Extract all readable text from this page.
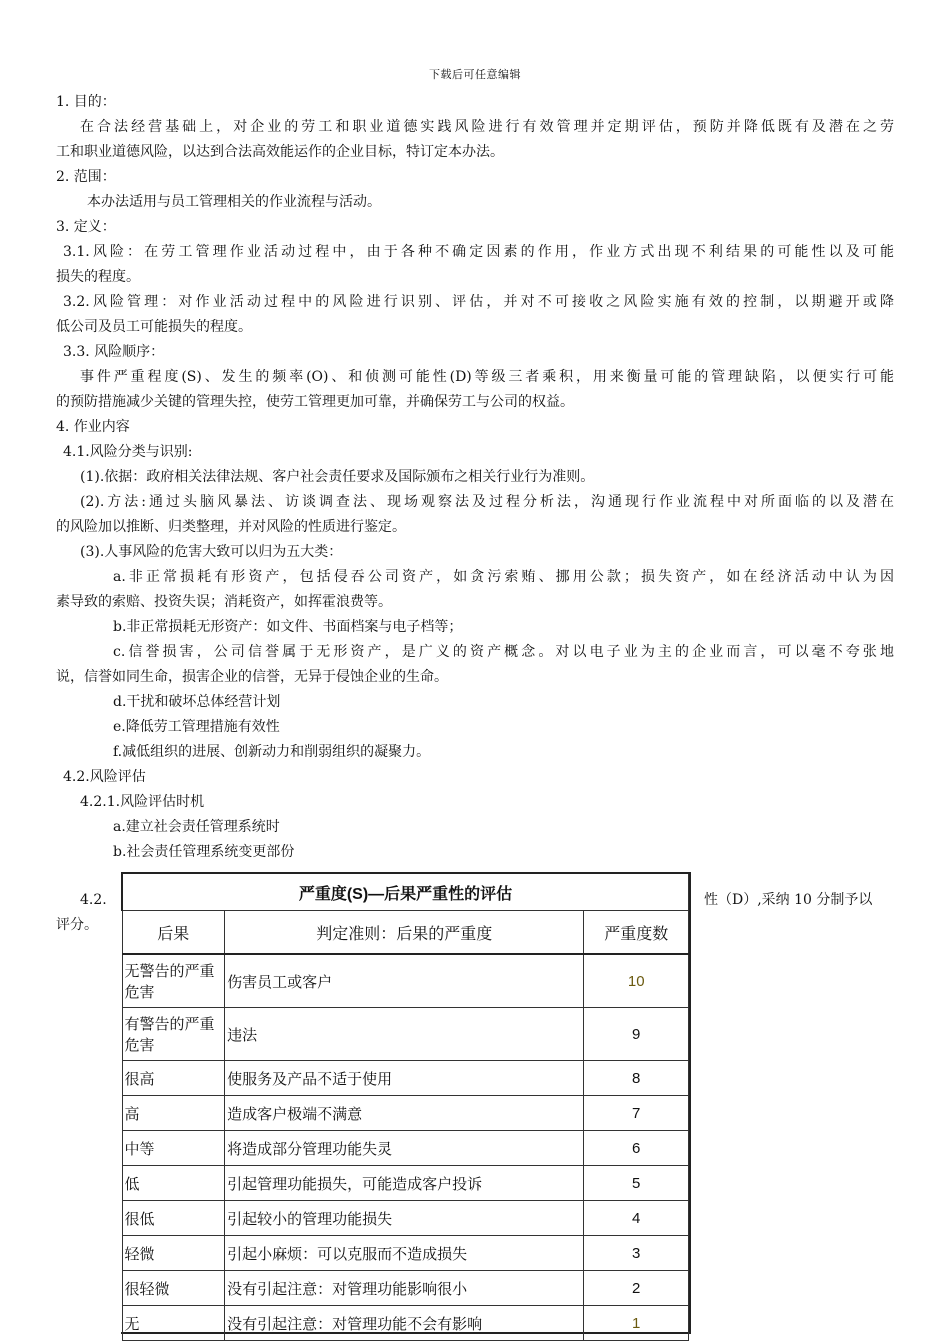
下载后可任意编辑
1. 目的：
在合法经营基础上，对企业的劳工和职业道德实践风险进行有效管理并定期评估，预防并降低既有及潜在之劳
工和职业道德风险，以达到合法高效能运作的企业目标，特订定本办法。
2. 范围：
本办法适用与员工管理相关的作业流程与活动。
3. 定义：
3.1.风险：在劳工管理作业活动过程中，由于各种不确定因素的作用，作业方式出现不利结果的可能性以及可能
损失的程度。
3.2.风险管理：对作业活动过程中的风险进行识别、评估，并对不可接收之风险实施有效的控制，以期避开或降
低公司及员工可能损失的程度。
3.3. 风险顺序：
事件严重程度(S)、发生的频率(O)、和侦测可能性(D)等级三者乘积，用来衡量可能的管理缺陷，以便实行可能
的预防措施减少关键的管理失控，使劳工管理更加可靠，并确保劳工与公司的权益。
4. 作业内容
4.1.风险分类与识别:
(1).依据：政府相关法律法规、客户社会责任要求及国际颁布之相关行业行为准则。
(2).方法:通过头脑风暴法、访谈调查法、现场观察法及过程分析法，沟通现行作业流程中对所面临的以及潜在
的风险加以推断、归类整理，并对风险的性质进行鉴定。
(3).人事风险的危害大致可以归为五大类：
a.非正常损耗有形资产，包括侵吞公司资产，如贪污索贿、挪用公款；损失资产，如在经济活动中认为因
素导致的索赔、投资失误；消耗资产，如挥霍浪费等。
b.非正常损耗无形资产：如文件、书面档案与电子档等；
c.信誉损害，公司信誉属于无形资产，是广义的资产概念。对以电子业为主的企业而言，可以毫不夸张地
说，信誉如同生命，损害企业的信誉，无异于侵蚀企业的生命。
d.干扰和破坏总体经营计划
e.降低劳工管理措施有效性
f.减低组织的进展、创新动力和削弱组织的凝聚力。
4.2.风险评估
4.2.1.风险评估时机
a.建立社会责任管理系统时
b.社会责任管理系统变更部份
4.2.	性（D）,采纳 10 分制予以
评分。
严重度(S)—后果严重性的评估		
后果	判定准则：后果的严重度	严重度数
无警告的严重危害	伤害员工或客户	10
有警告的严重危害	违法	9
很高	使服务及产品不适于使用	8
高	造成客户极端不满意	7
中等	将造成部分管理功能失灵	6
低	引起管理功能损失，可能造成客户投诉	5
很低	引起较小的管理功能损失	4
轻微	引起小麻烦：可以克服而不造成损失	3
很轻微	没有引起注意：对管理功能影响很小	2
无	没有引起注意：对管理功能不会有影响	1
